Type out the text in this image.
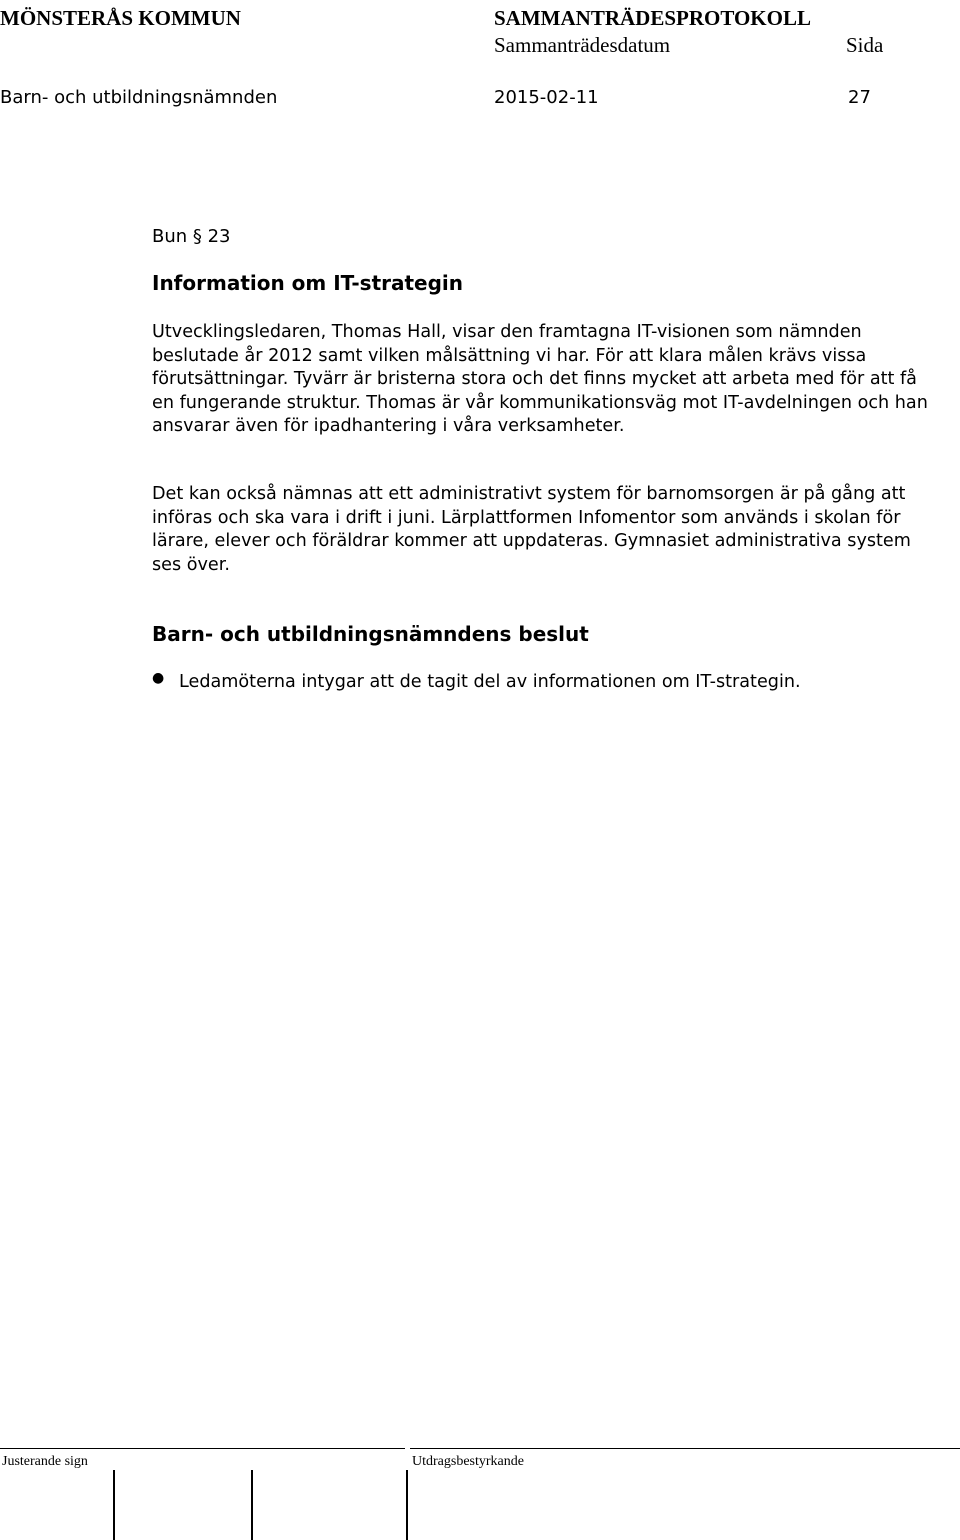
MÖNSTERÅS KOMMUN	SAMMANTRÄDESPROTOKOLL
Sammanträdesdatum	Sida
Barn- och utbildningsnämnden	2015-02-11	27
Bun § 23
Information om IT-strategin
Utvecklingsledaren, Thomas Hall, visar den framtagna IT-visionen som nämnden beslutade år 2012 samt vilken målsättning vi har. För att klara målen krävs vissa förutsättningar. Tyvärr är bristerna stora och det finns mycket att arbeta med för att få en fungerande struktur. Thomas är vår kommunikationsväg mot IT-avdelningen och han ansvarar även för ipadhantering i våra verksamheter.
Det kan också nämnas att ett administrativt system för barnomsorgen är på gång att införas och ska vara i drift i juni. Lärplattformen Infomentor som används i skolan för lärare, elever och föräldrar kommer att uppdateras. Gymnasiet administrativa system ses över.
Barn- och utbildningsnämndens beslut
● Ledamöterna intygar att de tagit del av informationen om IT-strategin.
Justerande sign	Utdragsbestyrkande
